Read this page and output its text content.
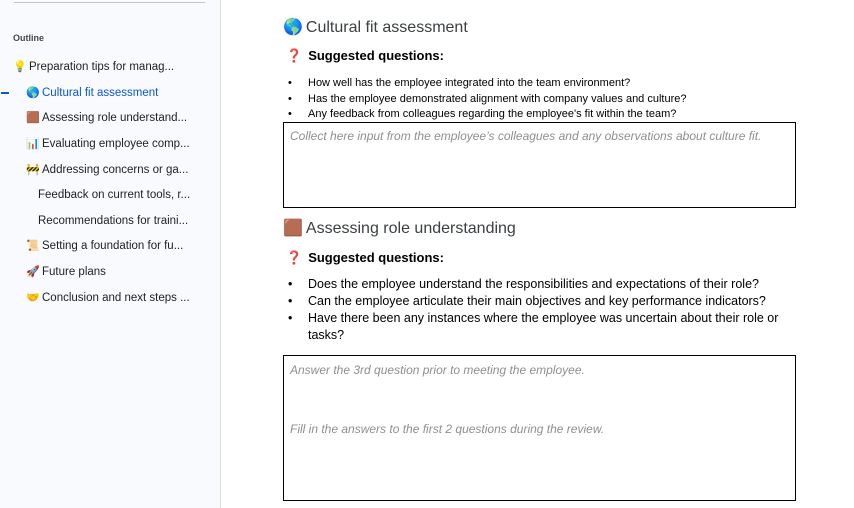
Outline
💡 Preparation tips for manag...
🌎 Cultural fit assessment
🟫 Assessing role understand...
📊 Evaluating employee comp...
🚧 Addressing concerns or ga...
Feedback on current tools, r...
Recommendations for traini...
📜 Setting a foundation for fu...
🚀 Future plans
🤝 Conclusion and next steps ...
🌎 Cultural fit assessment
❓ Suggested questions:
• How well has the employee integrated into the team environment?
• Has the employee demonstrated alignment with company values and culture?
• Any feedback from colleagues regarding the employee's fit within the team?
Collect here input from the employee’s colleagues and any observations about culture fit.
🟫 Assessing role understanding
❓ Suggested questions:
• Does the employee understand the responsibilities and expectations of their role?
• Can the employee articulate their main objectives and key performance indicators?
• Have there been any instances where the employee was uncertain about their role or tasks?
Answer the 3rd question prior to meeting the employee.
Fill in the answers to the first 2 questions during the review.
